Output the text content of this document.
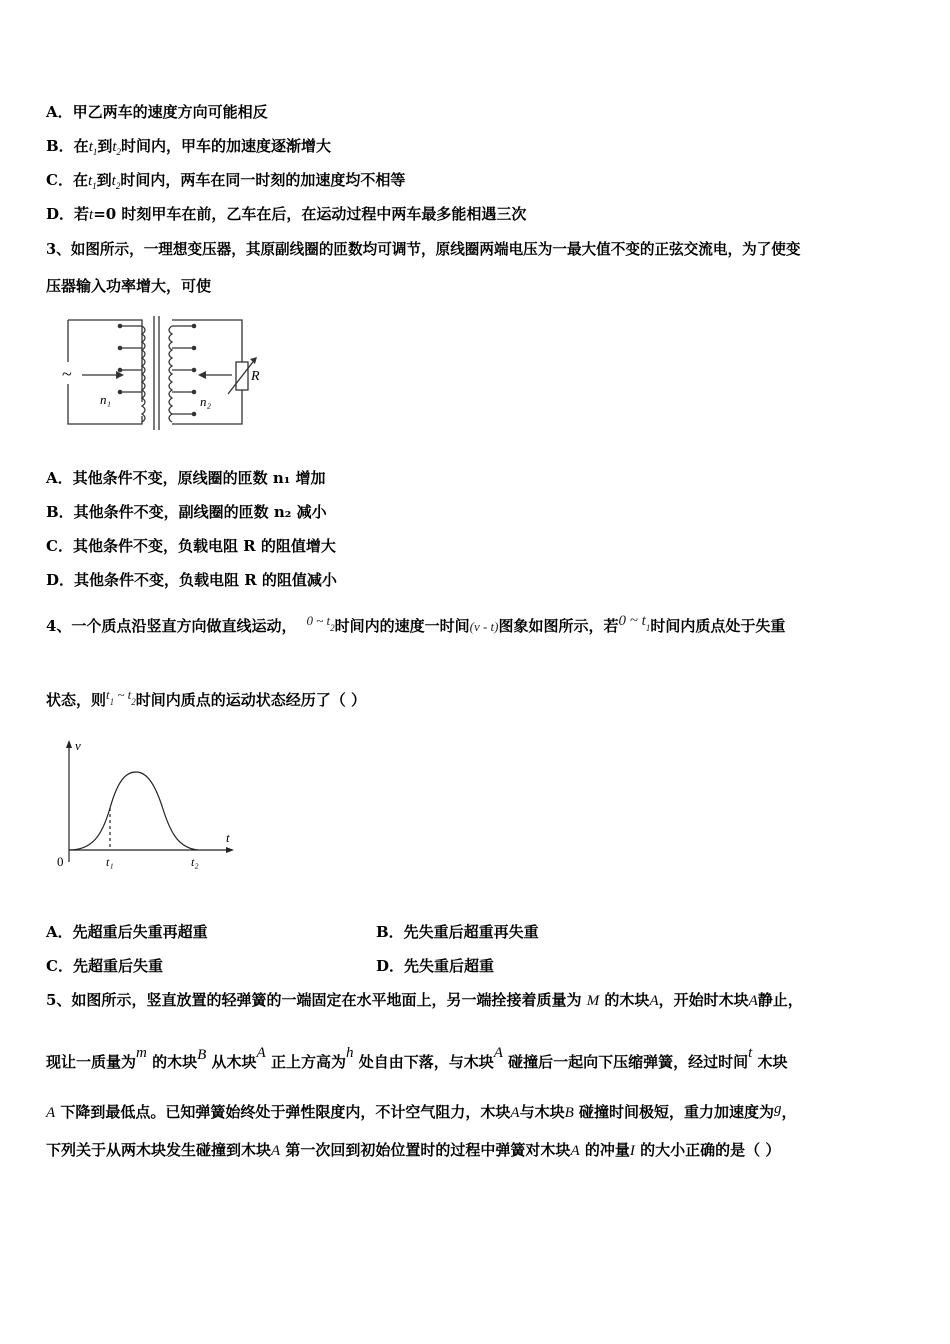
A．甲乙两车的速度方向可能相反
B．在$t_1$到$t_2$时间内，甲车的加速度逐渐增大
C．在$t_1$到$t_2$时间内，两车在同一时刻的加速度均不相等
D．若t=0 时刻甲车在前，乙车在后，在运动过程中两车最多能相遇三次
3、如图所示，一理想变压器，其原副线圈的匝数均可调节，原线圈两端电压为一最大值不变的正弦交流电，为了使变
压器输入功率增大，可使
~
n₁	n₂
R
A．其他条件不变，原线圈的匝数 n₁ 增加
B．其他条件不变，副线圈的匝数 n₂ 减小
C．其他条件不变，负载电阻 R 的阻值增大
D．其他条件不变，负载电阻 R 的阻值减小
4、一个质点沿竖直方向做直线运动， 0 ~ $t_2$时间内的速度一时间(v - t)图象如图所示，若0 ~ $t_1$时间内质点处于失重
状态，则$t_1$ ~ $t_2$时间内质点的运动状态经历了（ ）
v
t
0	t₁	t₂
A．先超重后失重再超重	B．先失重后超重再失重
C．先超重后失重	D．先失重后超重
5、如图所示，竖直放置的轻弹簧的一端固定在水平地面上，另一端拴接着质量为 M 的木块A，开始时木块A静止，
现让一质量为m 的木块B 从木块A 正上方高为h 处自由下落，与木块A 碰撞后一起向下压缩弹簧，经过时间t 木块
A 下降到最低点。已知弹簧始终处于弹性限度内，不计空气阻力，木块A与木块B 碰撞时间极短，重力加速度为g，
下列关于从两木块发生碰撞到木块A 第一次回到初始位置时的过程中弹簧对木块A 的冲量I 的大小正确的是（ ）
